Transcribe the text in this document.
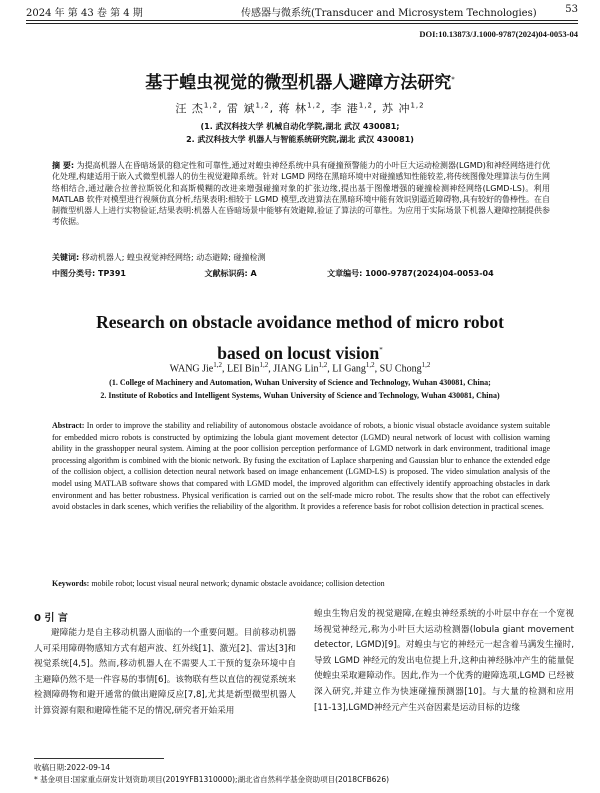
2024 年 第 43 卷 第 4 期	传感器与微系统(Transducer and Microsystem Technologies)	53
DOI:10.13873/J.1000-9787(2024)04-0053-04
基于蝗虫视觉的微型机器人避障方法研究*
汪 杰$^{1,2}$, 雷 斌$^{1,2}$, 蒋 林$^{1,2}$, 李 港$^{1,2}$, 苏 冲$^{1,2}$
(1. 武汉科技大学 机械自动化学院,湖北 武汉 430081;
2. 武汉科技大学 机器人与智能系统研究院,湖北 武汉 430081)
摘 要: 为提高机器人在昏暗场景的稳定性和可靠性,通过对蝗虫神经系统中具有碰撞预警能力的小叶巨大运动检测器(LGMD)和神经网络进行优化处理,构建适用于嵌入式微型机器人的仿生视觉避障系统。针对 LGMD 网络在黑暗环境中对碰撞感知性能较差,将传统图像处理算法与仿生网络相结合,通过融合拉普拉斯锐化和高斯模糊的改进来增强碰撞对象的扩张边缘,提出基于图像增强的碰撞检测神经网络(LGMD-LS)。利用 MATLAB 软件对模型进行视频仿真分析,结果表明:相较于 LGMD 模型,改进算法在黑暗环境中能有效识别逼近障碍物,具有较好的鲁棒性。在自制微型机器人上进行实物验证,结果表明:机器人在昏暗场景中能够有效避障,验证了算法的可靠性。为应用于实际场景下机器人避障控制提供参考依据。
关键词: 移动机器人; 蝗虫视觉神经网络; 动态避障; 碰撞检测
中图分类号: TP391	文献标识码: A	文章编号: 1000-9787(2024)04-0053-04
Research on obstacle avoidance method of micro robot
based on locust vision*
WANG Jie$^{1,2}$, LEI Bin$^{1,2}$, JIANG Lin$^{1,2}$, LI Gang$^{1,2}$, SU Chong$^{1,2}$
(1. College of Machinery and Automation, Wuhan University of Science and Technology, Wuhan 430081, China;
2. Institute of Robotics and Intelligent Systems, Wuhan University of Science and Technology, Wuhan 430081, China)
Abstract: In order to improve the stability and reliability of autonomous obstacle avoidance of robots, a bionic visual obstacle avoidance system suitable for embedded micro robots is constructed by optimizing the lobula giant movement detector (LGMD) neural network of locust with collision warning ability in the grasshopper neural system. Aiming at the poor collision perception performance of LGMD network in dark environment, traditional image processing algorithm is combined with the bionic network. By fusing the excitation of Laplace sharpening and Gaussian blur to enhance the extended edge of the collision object, a collision detection neural network based on image enhancement (LGMD-LS) is proposed. The video simulation analysis of the model using MATLAB software shows that compared with LGMD model, the improved algorithm can effectively identify approaching obstacles in dark environment and has better robustness. Physical verification is carried out on the self-made micro robot. The results show that the robot can effectively avoid obstacles in dark scenes, which verifies the reliability of the algorithm. It provides a reference basis for robot collision detection in practical scenes.
Keywords: mobile robot; locust visual neural network; dynamic obstacle avoidance; collision detection
0 引 言
避障能力是自主移动机器人面临的一个重要问题。目前移动机器人可采用障碍物感知方式有超声波、红外线[1]、激光[2]、雷达[3]和视觉系统[4,5]。然而,移动机器人在不需要人工干预的复杂环境中自主避障仍然不是一件容易的事情[6]。该物联有些以直信的视觉系统来检测障碍物和避开通常的做出避障反应[7,8],尤其是新型微型机器人计算资源有限和避障性能不足的情况,研究者开始采用
蝗虫生物启发的视觉避障,在蝗虫神经系统的小叶层中存在一个宽视场视觉神经元,称为小叶巨大运动检测器(lobula giant movement detector, LGMD)[9]。对蝗虫与它的神经元一起含着马满发生撞时,导致 LGMD 神经元的发出电位提上升,这种由神经脉冲产生的能量促使蝗虫采取避障动作。因此,作为一个优秀的避障选项,LGMD 已经被深入研究,并建立作为快速碰撞预测器[10]。与大量的检测和应用[11-13],LGMD神经元产生兴奋因素是运动目标的边缘
收稿日期:2022-09-14
* 基金项目:国家重点研发计划资助项目(2019YFB1310000);湖北省自然科学基金资助项目(2018CFB626)
